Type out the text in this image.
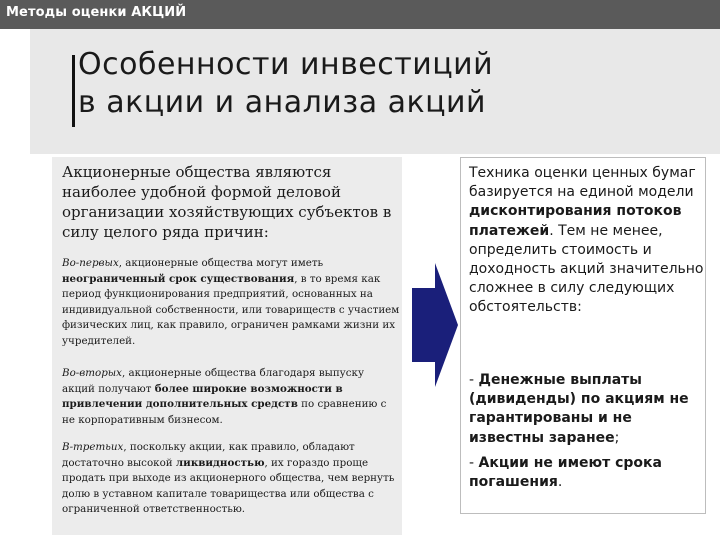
Методы оценки АКЦИЙ
Особенности инвестиций
в акции и анализа акций

Акционерные общества являются наиболее удобной формой деловой организации хозяйствующих субъектов в силу целого ряда причин:

Во-первых, акционерные общества могут иметь неограниченный срок существования, в то время как период функционирования предприятий, основанных на индивидуальной собственности, или товариществ с участием физических лиц, как правило, ограничен рамками жизни их учредителей.

Во-вторых, акционерные общества благодаря выпуску акций получают более широкие возможности в привлечении дополнительных средств по сравнению с не корпоративным бизнесом.

В-третьих, поскольку акции, как правило, обладают достаточно высокой ликвидностью, их гораздо проще продать при выходе из акционерного общества, чем вернуть долю в уставном капитале товарищества или общества с ограниченной ответственностью.

Техника оценки ценных бумаг базируется на единой модели дисконтирования потоков платежей. Тем не менее, определить стоимость и доходность акций значительно сложнее в силу следующих обстоятельств:

- Денежные выплаты (дивиденды) по акциям не гарантированы и не известны заранее;

- Акции не имеют срока погашения.
